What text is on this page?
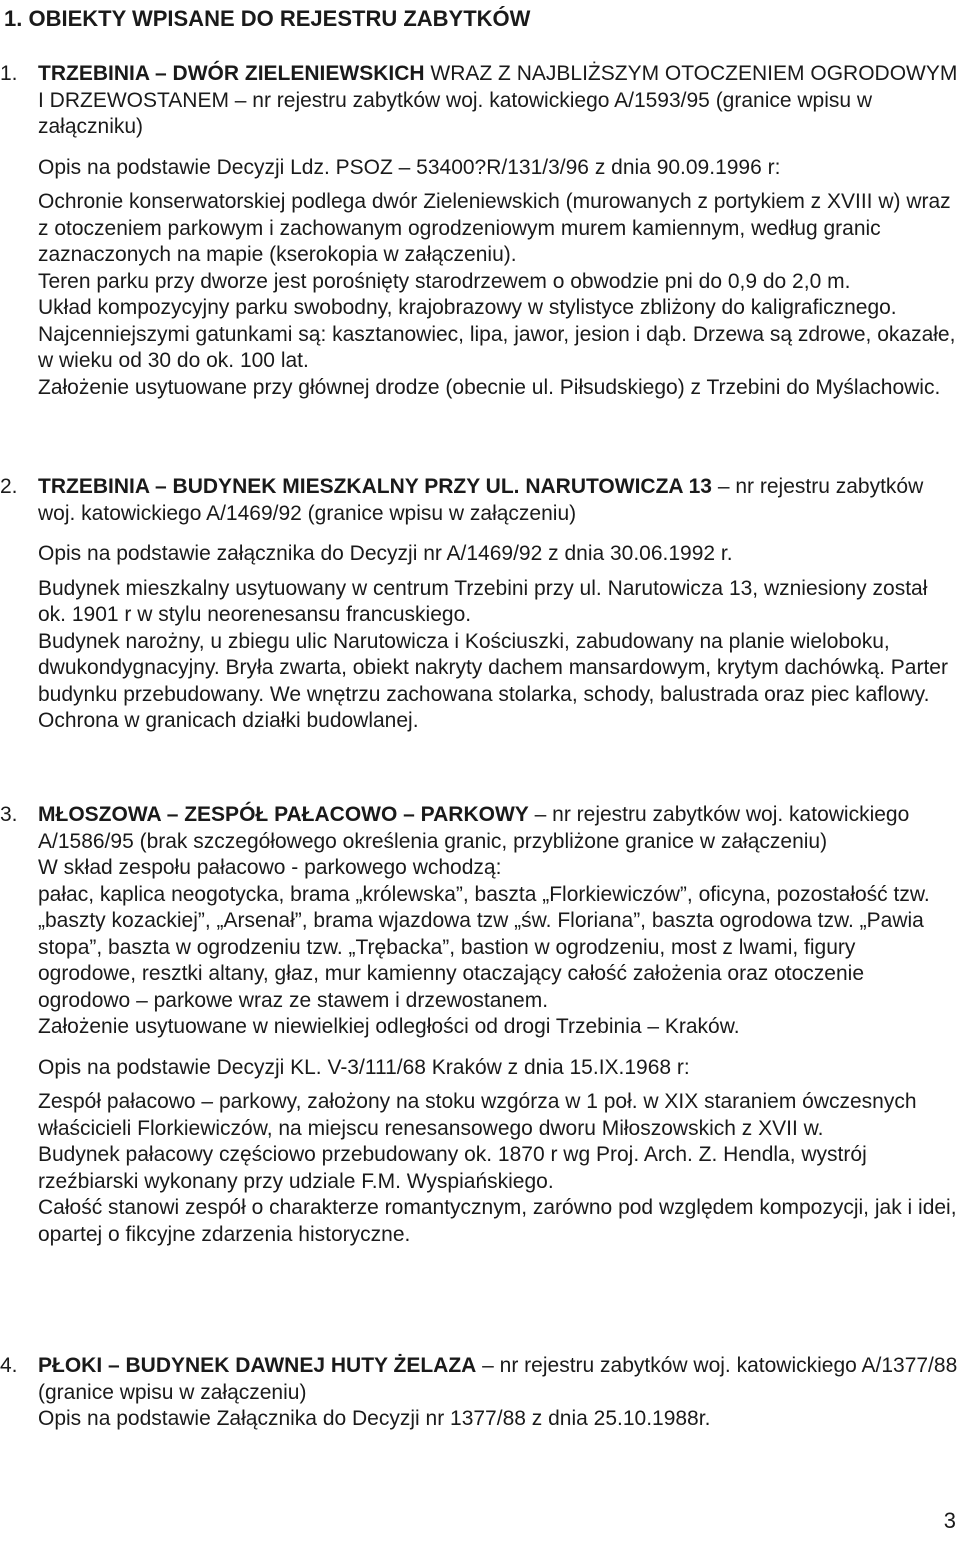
1. OBIEKTY WPISANE DO REJESTRU ZABYTKÓW

1. TRZEBINIA – DWÓR ZIELENIEWSKICH WRAZ Z NAJBLIŻSZYM OTOCZENIEM OGRODOWYM I DRZEWOSTANEM – nr rejestru zabytków woj. katowickiego A/1593/95 (granice wpisu w załączniku)

Opis na podstawie Decyzji Ldz. PSOZ – 53400?R/131/3/96 z dnia 90.09.1996 r:

Ochronie konserwatorskiej podlega dwór Zieleniewskich (murowanych z portykiem z XVIII w) wraz z otoczeniem parkowym i zachowanym ogrodzeniowym murem kamiennym, według granic zaznaczonych na mapie (kserokopia w załączeniu).

Teren parku przy dworze jest porośnięty starodrzewem o obwodzie pni do 0,9 do 2,0 m.

Układ kompozycyjny parku swobodny, krajobrazowy w stylistyce zbliżony do kaligraficznego. Najcenniejszymi gatunkami są: kasztanowiec, lipa, jawor, jesion i dąb. Drzewa są zdrowe, okazałe, w wieku od 30 do ok. 100 lat.

Założenie usytuowane przy głównej drodze (obecnie ul. Piłsudskiego) z Trzebini do Myślachowic.

2. TRZEBINIA – BUDYNEK MIESZKALNY PRZY UL. NARUTOWICZA 13 – nr rejestru zabytków woj. katowickiego A/1469/92 (granice wpisu w załączeniu)

Opis na podstawie załącznika do Decyzji nr A/1469/92 z dnia 30.06.1992 r.

Budynek mieszkalny usytuowany w centrum Trzebini przy ul. Narutowicza 13, wzniesiony został ok. 1901 r w stylu neorenesansu francuskiego.

Budynek narożny, u zbiegu ulic Narutowicza i Kościuszki, zabudowany na planie wieloboku, dwukondygnacyjny. Bryła zwarta, obiekt nakryty dachem mansardowym, krytym dachówką. Parter budynku przebudowany. We wnętrzu zachowana stolarka, schody, balustrada oraz piec kaflowy.

Ochrona w granicach działki budowlanej.

3. MŁOSZOWA – ZESPÓŁ PAŁACOWO – PARKOWY – nr rejestru zabytków woj. katowickiego A/1586/95 (brak szczegółowego określenia granic, przybliżone granice w załączeniu)

W skład zespołu pałacowo - parkowego wchodzą:

pałac, kaplica neogotycka, brama „królewska”, baszta „Florkiewiczów”, oficyna, pozostałość tzw. „baszty kozackiej”, „Arsenał”, brama wjazdowa tzw „św. Floriana”, baszta ogrodowa tzw. „Pawia stopa”, baszta w ogrodzeniu tzw. „Trębacka”, bastion w ogrodzeniu, most z lwami, figury ogrodowe, resztki altany, głaz, mur kamienny otaczający całość założenia oraz otoczenie ogrodowo – parkowe wraz ze stawem i drzewostanem.

Założenie usytuowane w niewielkiej odległości od drogi Trzebinia – Kraków.

Opis na podstawie Decyzji KL. V-3/111/68 Kraków z dnia 15.IX.1968 r:

Zespół pałacowo – parkowy, założony na stoku wzgórza w 1 poł. w XIX staraniem ówczesnych właścicieli Florkiewiczów, na miejscu renesansowego dworu Miłoszowskich z XVII w.

Budynek pałacowy częściowo przebudowany ok. 1870 r wg Proj. Arch. Z. Hendla, wystrój rzeźbiarski wykonany przy udziale F.M. Wyspiańskiego.

Całość stanowi zespół o charakterze romantycznym, zarówno pod względem kompozycji, jak i idei, opartej o fikcyjne zdarzenia historyczne.

4. PŁOKI – BUDYNEK DAWNEJ HUTY ŻELAZA – nr rejestru zabytków woj. katowickiego A/1377/88 (granice wpisu w załączeniu)

Opis na podstawie Załącznika do Decyzji nr 1377/88 z dnia 25.10.1988r.

3
